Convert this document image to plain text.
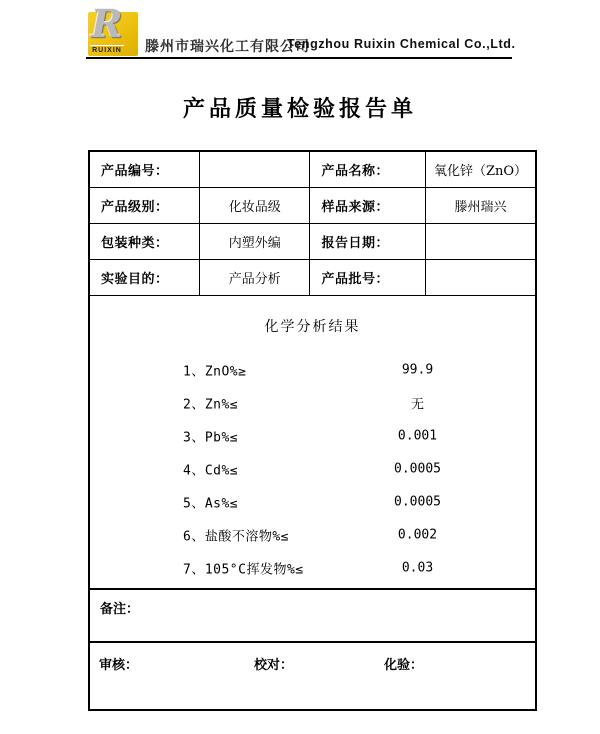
R
RUIXIN 滕州市瑞兴化工有限公司
Tengzhou Ruixin Chemical Co.,Ltd.
产品质量检验报告单
产品编号：		产品名称：	氧化锌（ZnO）
产品级别：	化妆品级	样品来源：	滕州瑞兴
包装种类：	内塑外编	报告日期：	
实验目的：	产品分析	产品批号：	

化学分析结果
1、ZnO%≥	99.9
2、Zn%≤	无
3、Pb%≤	0.001
4、Cd%≤	0.0005
5、As%≤	0.0005
6、盐酸不溶物%≤	0.002
7、105°C挥发物%≤	0.03

备注：			

审核： 校对： 化验：			
